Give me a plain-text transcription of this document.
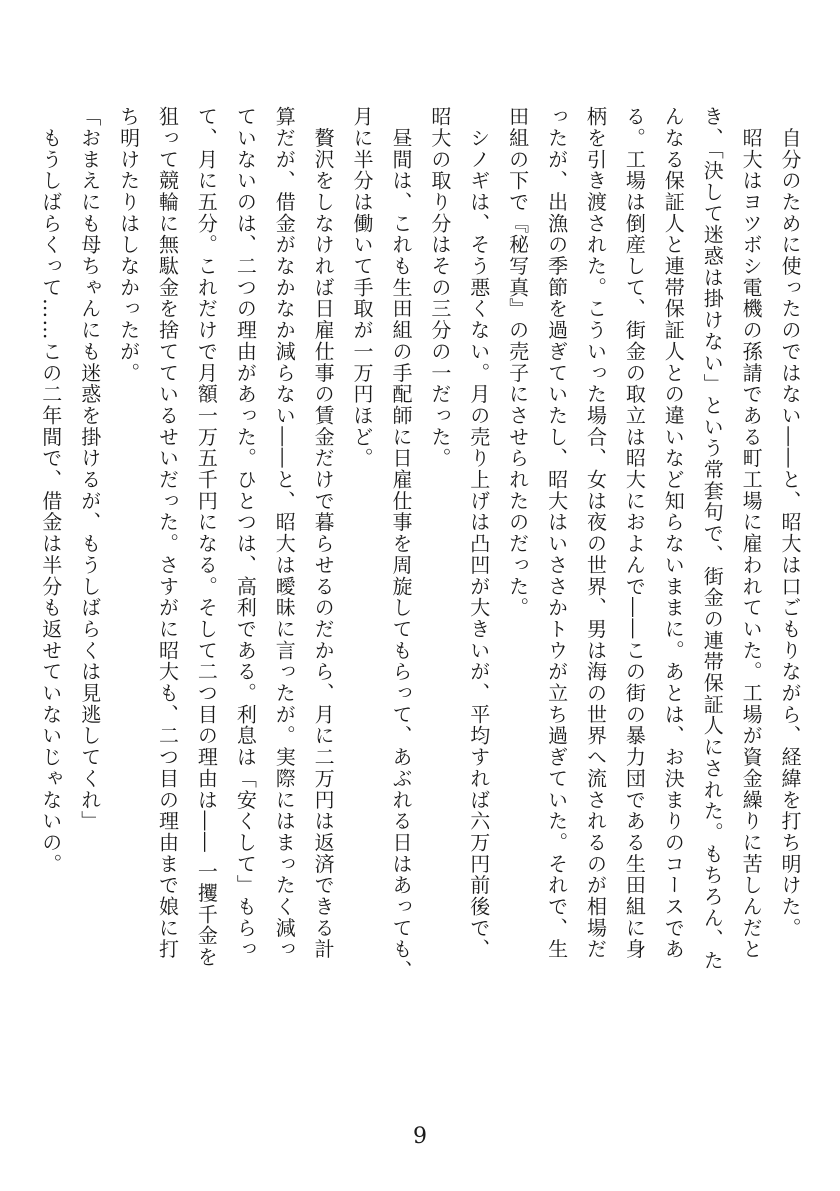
　自分のために使ったのではない――と、昭大は口ごもりながら、経緯を打ち明けた。
　昭大はヨツボシ電機の孫請である町工場に雇われていた。工場が資金繰りに苦しんだと
き、「決して迷惑は掛けない」という常套句で、街金の連帯保証人にされた。もちろん、た
んなる保証人と連帯保証人との違いなど知らないままに。あとは、お決まりのコースであ
る。工場は倒産して、街金の取立は昭大におよんで――この街の暴力団である生田組に身
柄を引き渡された。こういった場合、女は夜の世界、男は海の世界へ流されるのが相場だ
ったが、出漁の季節を過ぎていたし、昭大はいささかトウが立ち過ぎていた。それで、生
田組の下で『秘写真』の売子にさせられたのだった。
　シノギは、そう悪くない。月の売り上げは凸凹が大きいが、平均すれば六万円前後で、
昭大の取り分はその三分の一だった。
　昼間は、これも生田組の手配師に日雇仕事を周旋してもらって、あぶれる日はあっても、
月に半分は働いて手取が一万円ほど。
　贅沢をしなければ日雇仕事の賃金だけで暮らせるのだから、月に二万円は返済できる計
算だが、借金がなかなか減らない――と、昭大は曖昧に言ったが。実際にはまったく減っ
ていないのは、二つの理由があった。ひとつは、高利である。利息は「安くして」もらっ
て、月に五分。これだけで月額一万五千円になる。そして二つ目の理由は―― 一攫千金を
狙って競輪に無駄金を捨てているせいだった。さすがに昭大も、二つ目の理由まで娘に打
ち明けたりはしなかったが。
「おまえにも母ちゃんにも迷惑を掛けるが、もうしばらくは見逃してくれ」
　もうしばらくって……この二年間で、借金は半分も返せていないじゃないの。
9
